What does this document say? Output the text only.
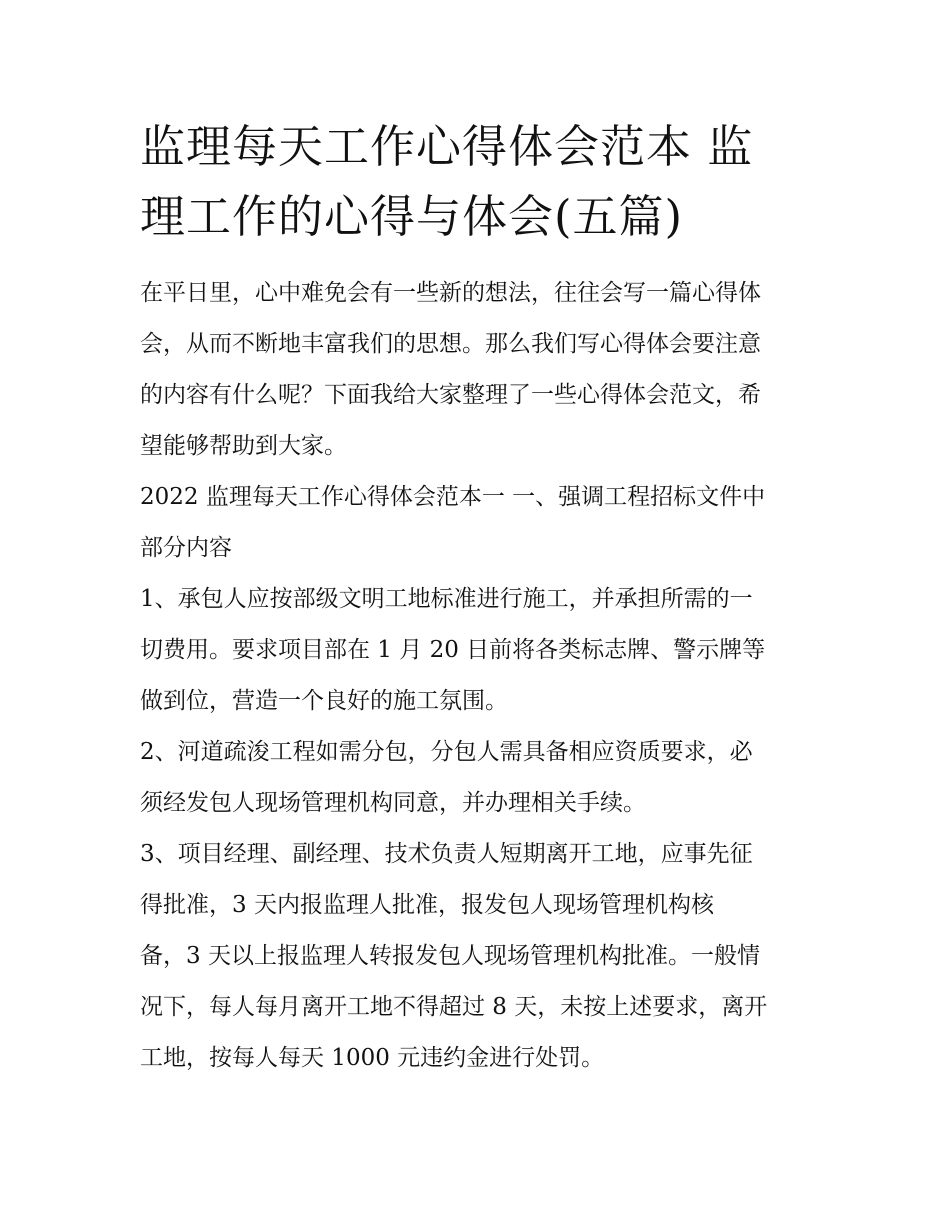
监理每天工作心得体会范本 监
理工作的心得与体会(五篇)

在平日里，心中难免会有一些新的想法，往往会写一篇心得体
会，从而不断地丰富我们的思想。那么我们写心得体会要注意
的内容有什么呢？下面我给大家整理了一些心得体会范文，希
望能够帮助到大家。

2022 监理每天工作心得体会范本一 一、强调工程招标文件中
部分内容

1、承包人应按部级文明工地标准进行施工，并承担所需的一
切费用。要求项目部在 1 月 20 日前将各类标志牌、警示牌等
做到位，营造一个良好的施工氛围。

2、河道疏浚工程如需分包，分包人需具备相应资质要求，必
须经发包人现场管理机构同意，并办理相关手续。

3、项目经理、副经理、技术负责人短期离开工地，应事先征
得批准，3 天内报监理人批准，报发包人现场管理机构核
备，3 天以上报监理人转报发包人现场管理机构批准。一般情
况下，每人每月离开工地不得超过 8 天，未按上述要求，离开
工地，按每人每天 1000 元违约金进行处罚。
